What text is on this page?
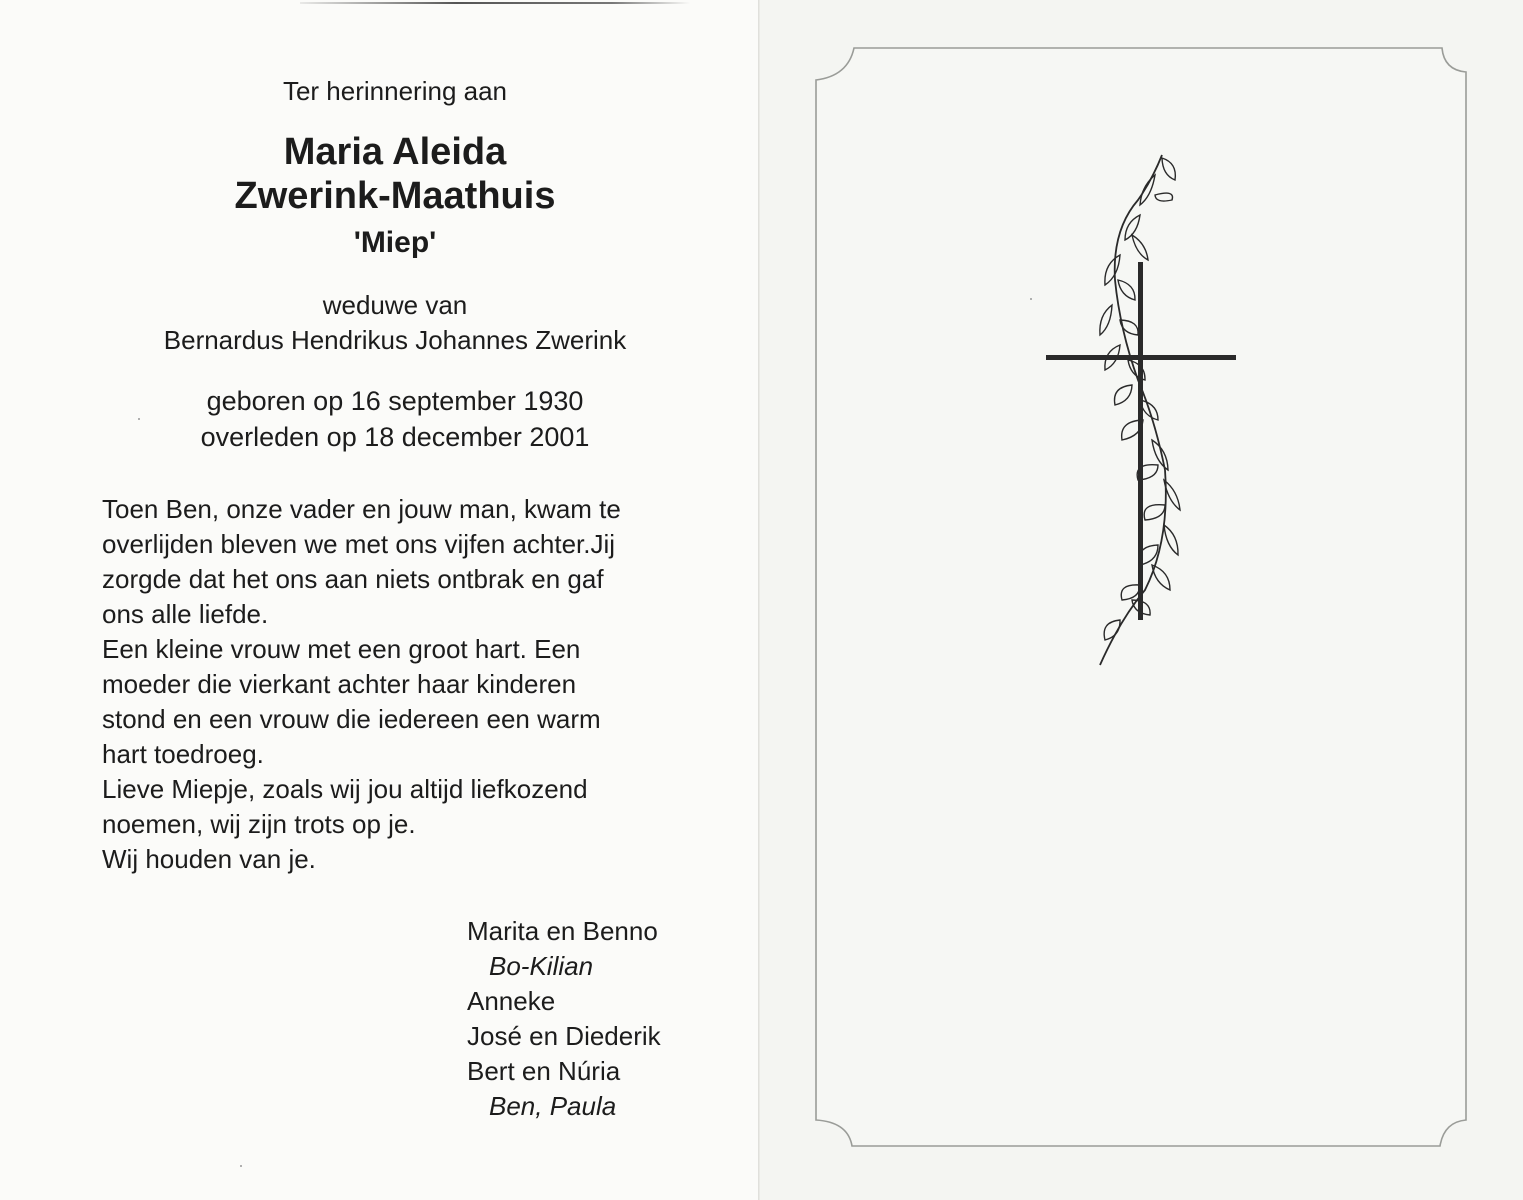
Ter herinnering aan
Maria Aleida
Zwerink-Maathuis
'Miep'
weduwe van
Bernardus Hendrikus Johannes Zwerink
geboren op 16 september 1930
overleden op 18 december 2001

Toen Ben, onze vader en jouw man, kwam te

overlijden bleven we met ons vijfen achter.Jij

zorgde dat het ons aan niets ontbrak en gaf

ons alle liefde.

Een kleine vrouw met een groot hart. Een

moeder die vierkant achter haar kinderen

stond en een vrouw die iedereen een warm

hart toedroeg.

Lieve Miepje, zoals wij jou altijd liefkozend

noemen, wij zijn trots op je.

Wij houden van je.

Marita en Benno
Bo-Kilian
Anneke
José en Diederik
Bert en Núria
Ben, Paula
